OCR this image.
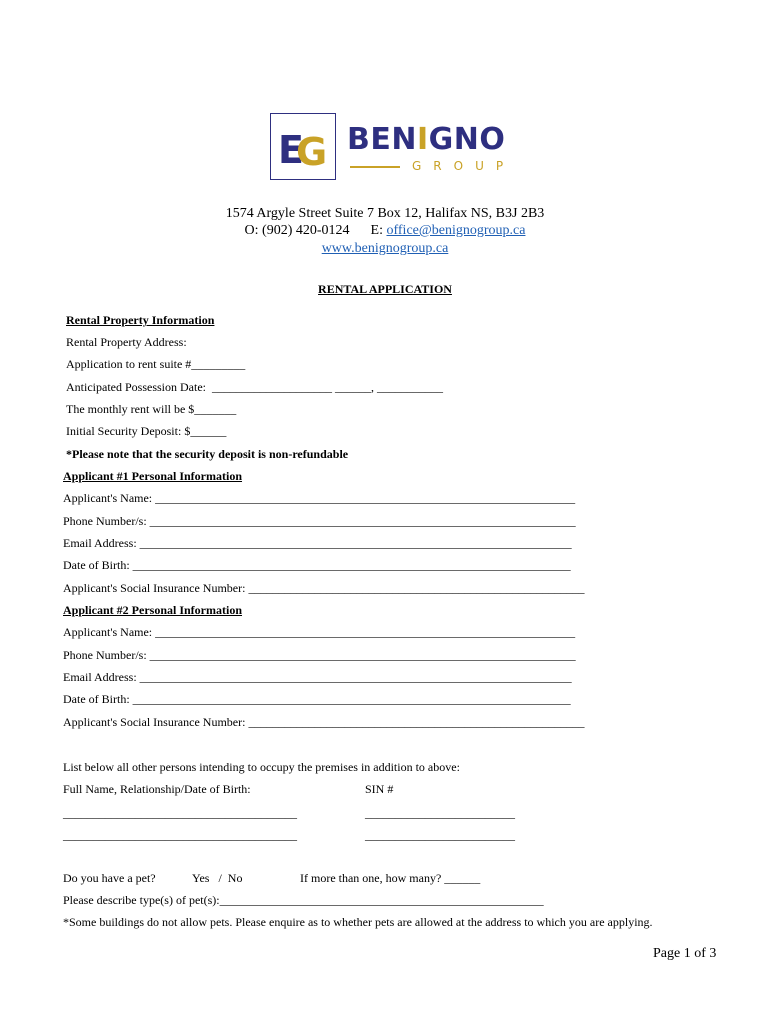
E
G BENIGNO
GROUP
1574 Argyle Street Suite 7 Box 12, Halifax NS, B3J 2B3
O: (902) 420-0124 E: office@benignogroup.ca
www.benignogroup.ca
RENTAL APPLICATION
Rental Property Information
Rental Property Address:
Application to rent suite #_________
Anticipated Possession Date:  ____________________ ______, ___________
The monthly rent will be $_______
Initial Security Deposit: $______
*Please note that the security deposit is non-refundable
Applicant #1 Personal Information
Applicant's Name: ______________________________________________________________________
Phone Number/s: _______________________________________________________________________
Email Address: ________________________________________________________________________
Date of Birth: _________________________________________________________________________
Applicant's Social Insurance Number: ________________________________________________________
Applicant #2 Personal Information
Applicant's Name: ______________________________________________________________________
Phone Number/s: _______________________________________________________________________
Email Address: ________________________________________________________________________
Date of Birth: _________________________________________________________________________
Applicant's Social Insurance Number: ________________________________________________________
List below all other persons intending to occupy the premises in addition to above:
Full Name, Relationship/Date of Birth:	SIN #
_______________________________________	_________________________
_______________________________________	_________________________
Do you have a pet?	Yes   /  No	If more than one, how many? ______
Please describe type(s) of pet(s):______________________________________________________
*Some buildings do not allow pets. Please enquire as to whether pets are allowed at the address to which you are applying.
Page 1 of 3
